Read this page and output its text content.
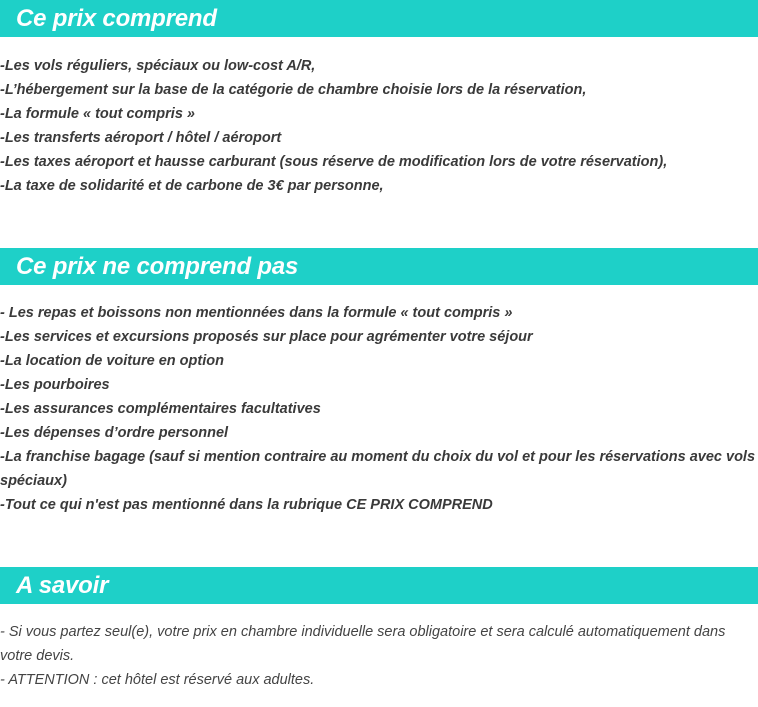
Ce prix comprend
-Les vols réguliers, spéciaux ou low-cost A/R,
-L’hébergement sur la base de la catégorie de chambre choisie lors de la réservation,
-La formule « tout compris »
-Les transferts aéroport / hôtel / aéroport
-Les taxes aéroport et hausse carburant (sous réserve de modification lors de votre réservation),
-La taxe de solidarité et de carbone de 3€ par personne,
Ce prix ne comprend pas
- Les repas et boissons non mentionnées dans la formule « tout compris »
-Les services et excursions proposés sur place pour agrémenter votre séjour
-La location de voiture en option
-Les pourboires
-Les assurances complémentaires facultatives
-Les dépenses d’ordre personnel
-La franchise bagage (sauf si mention contraire au moment du choix du vol et pour les réservations avec vols spéciaux)
-Tout ce qui n'est pas mentionné dans la rubrique CE PRIX COMPREND
A savoir
- Si vous partez seul(e), votre prix en chambre individuelle sera obligatoire et sera calculé automatiquement dans votre devis.
- ATTENTION : cet hôtel est réservé aux adultes.
